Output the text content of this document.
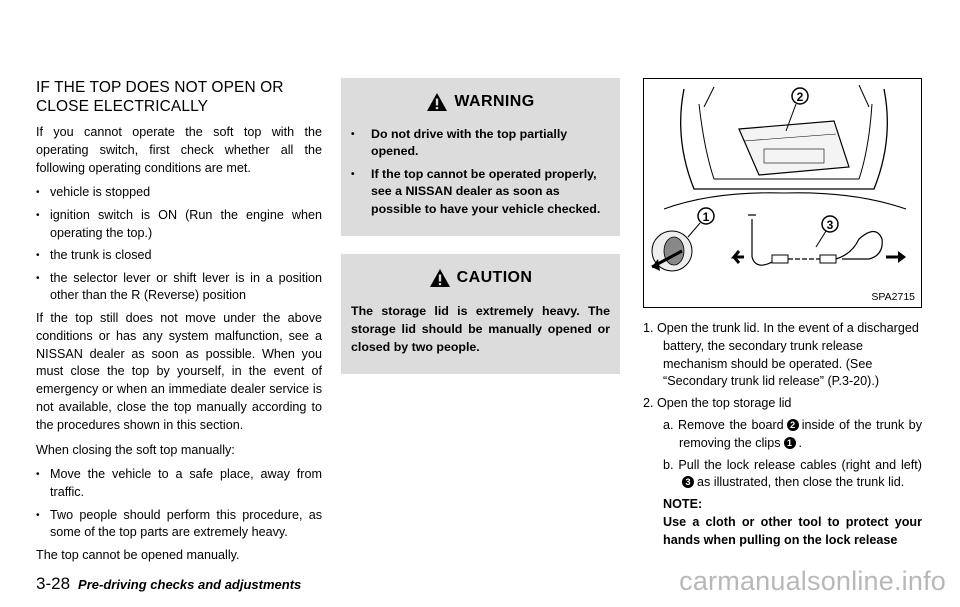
IF THE TOP DOES NOT OPEN OR
CLOSE ELECTRICALLY

If you cannot operate the soft top with the operating switch, first check whether all the following operating conditions are met.

• vehicle is stopped
• ignition switch is ON (Run the engine when operating the top.)
• the trunk is closed
• the selector lever or shift lever is in a position other than the R (Reverse) position

If the top still does not move under the above conditions or has any system malfunction, see a NISSAN dealer as soon as possible. When you must close the top by yourself, in the event of emergency or when an immediate dealer service is not available, close the top manually according to the procedures shown in this section.

When closing the soft top manually:

• Move the vehicle to a safe place, away from traffic.
• Two people should perform this procedure, as some of the top parts are extremely heavy.

The top cannot be opened manually.

WARNING
• Do not drive with the top partially opened.
• If the top cannot be operated properly, see a NISSAN dealer as soon as possible to have your vehicle checked.
CAUTION

The storage lid is extremely heavy. The storage lid should be manually opened or closed by two people.

2
1
3
SPA2715
1. Open the trunk lid. In the event of a discharged battery, the secondary trunk release mechanism should be operated. (See “Secondary trunk lid release” (P.3-20).)
2. Open the top storage lid
a. Remove the board 2 inside of the trunk by removing the clips 1 .
b. Pull the lock release cables (right and left)3 as illustrated, then close the trunk lid.
NOTE:
Use a cloth or other tool to protect your hands when pulling on the lock release
3-28 Pre-driving checks and adjustments	carmanualsonline.info
